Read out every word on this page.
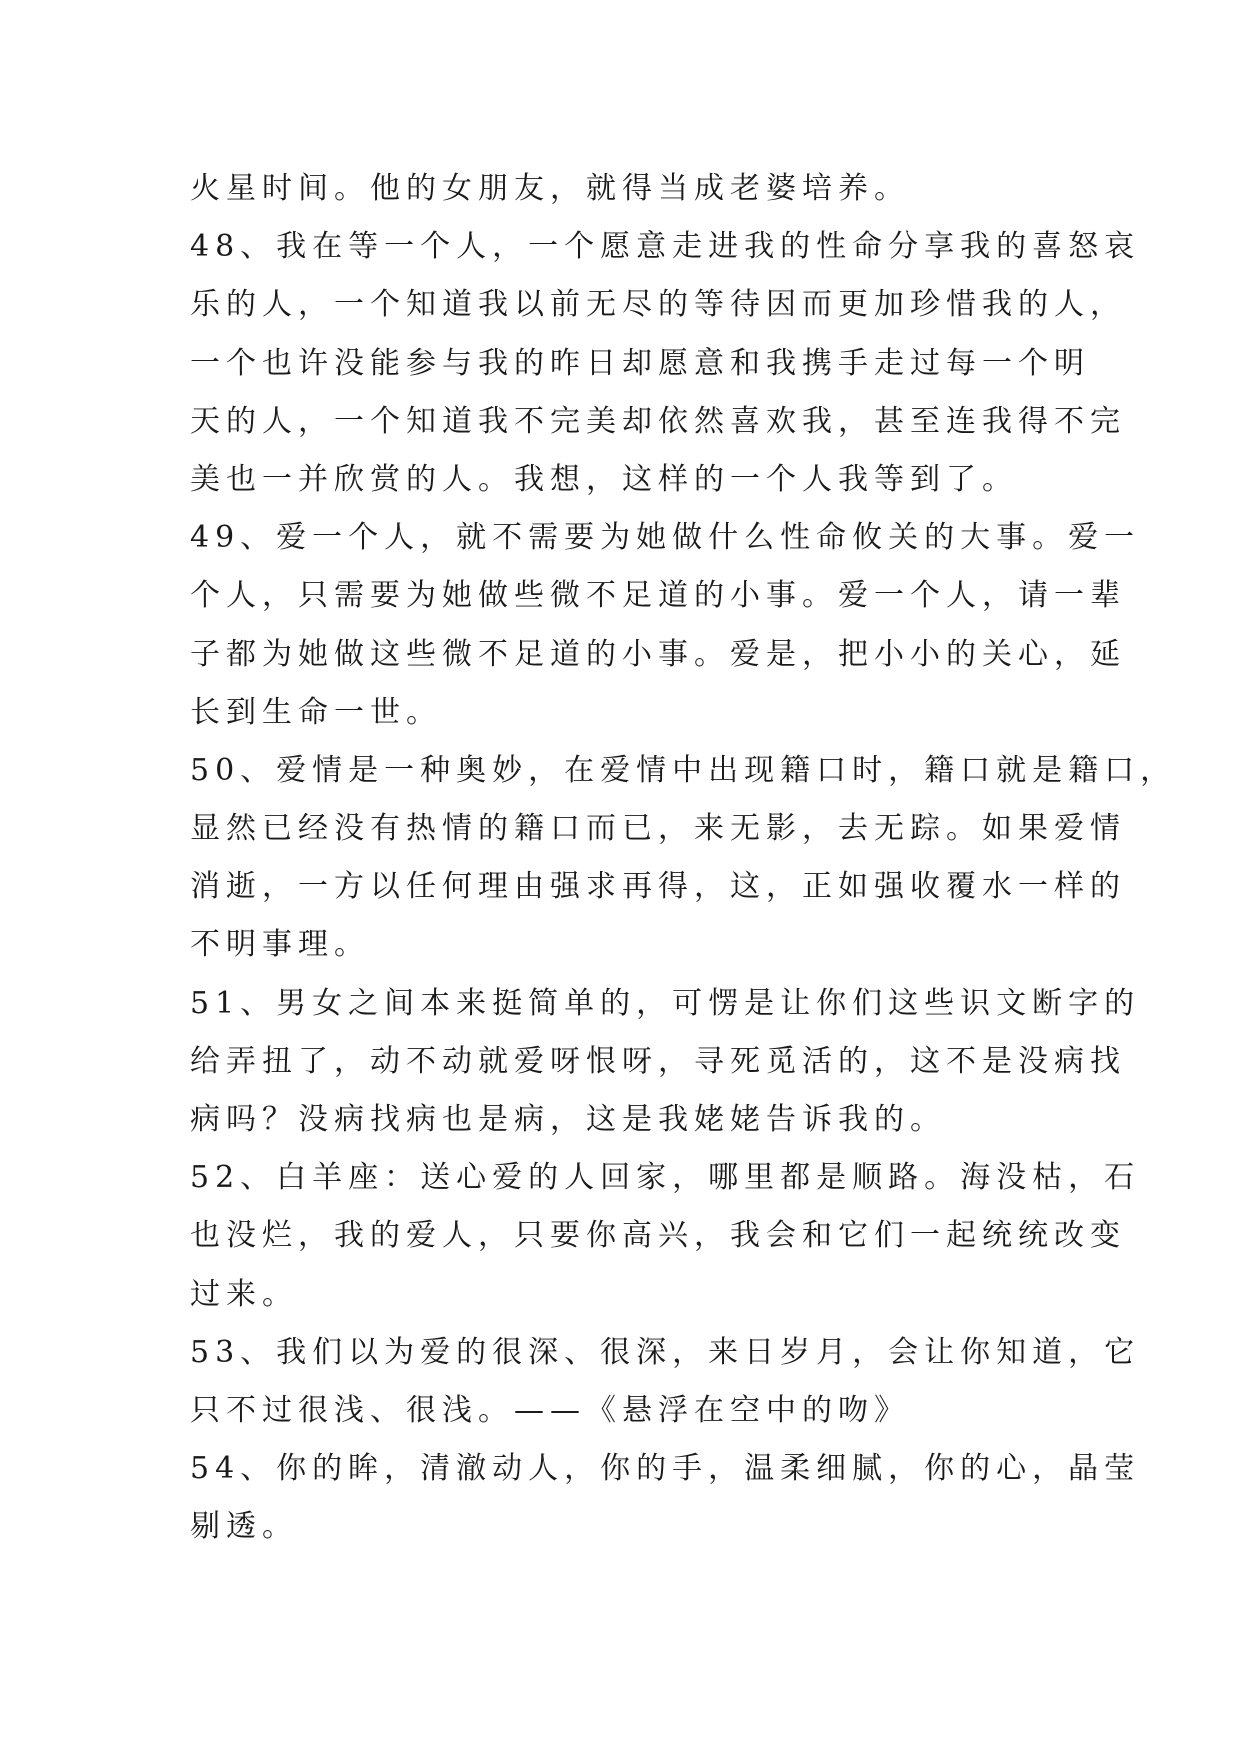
火星时间。他的女朋友，就得当成老婆培养。
48、我在等一个人，一个愿意走进我的性命分享我的喜怒哀
乐的人，一个知道我以前无尽的等待因而更加珍惜我的人，
一个也许没能参与我的昨日却愿意和我携手走过每一个明
天的人，一个知道我不完美却依然喜欢我，甚至连我得不完
美也一并欣赏的人。我想，这样的一个人我等到了。
49、爱一个人，就不需要为她做什么性命攸关的大事。爱一
个人，只需要为她做些微不足道的小事。爱一个人，请一辈
子都为她做这些微不足道的小事。爱是，把小小的关心，延
长到生命一世。
50、爱情是一种奥妙，在爱情中出现籍口时，籍口就是籍口，
显然已经没有热情的籍口而已，来无影，去无踪。如果爱情
消逝，一方以任何理由强求再得，这，正如强收覆水一样的
不明事理。
51、男女之间本来挺简单的，可愣是让你们这些识文断字的
给弄扭了，动不动就爱呀恨呀，寻死觅活的，这不是没病找
病吗？没病找病也是病，这是我姥姥告诉我的。
52、白羊座：送心爱的人回家，哪里都是顺路。海没枯，石
也没烂，我的爱人，只要你高兴，我会和它们一起统统改变
过来。
53、我们以为爱的很深、很深，来日岁月，会让你知道，它
只不过很浅、很浅。——《悬浮在空中的吻》
54、你的眸，清澈动人，你的手，温柔细腻，你的心，晶莹
剔透。
